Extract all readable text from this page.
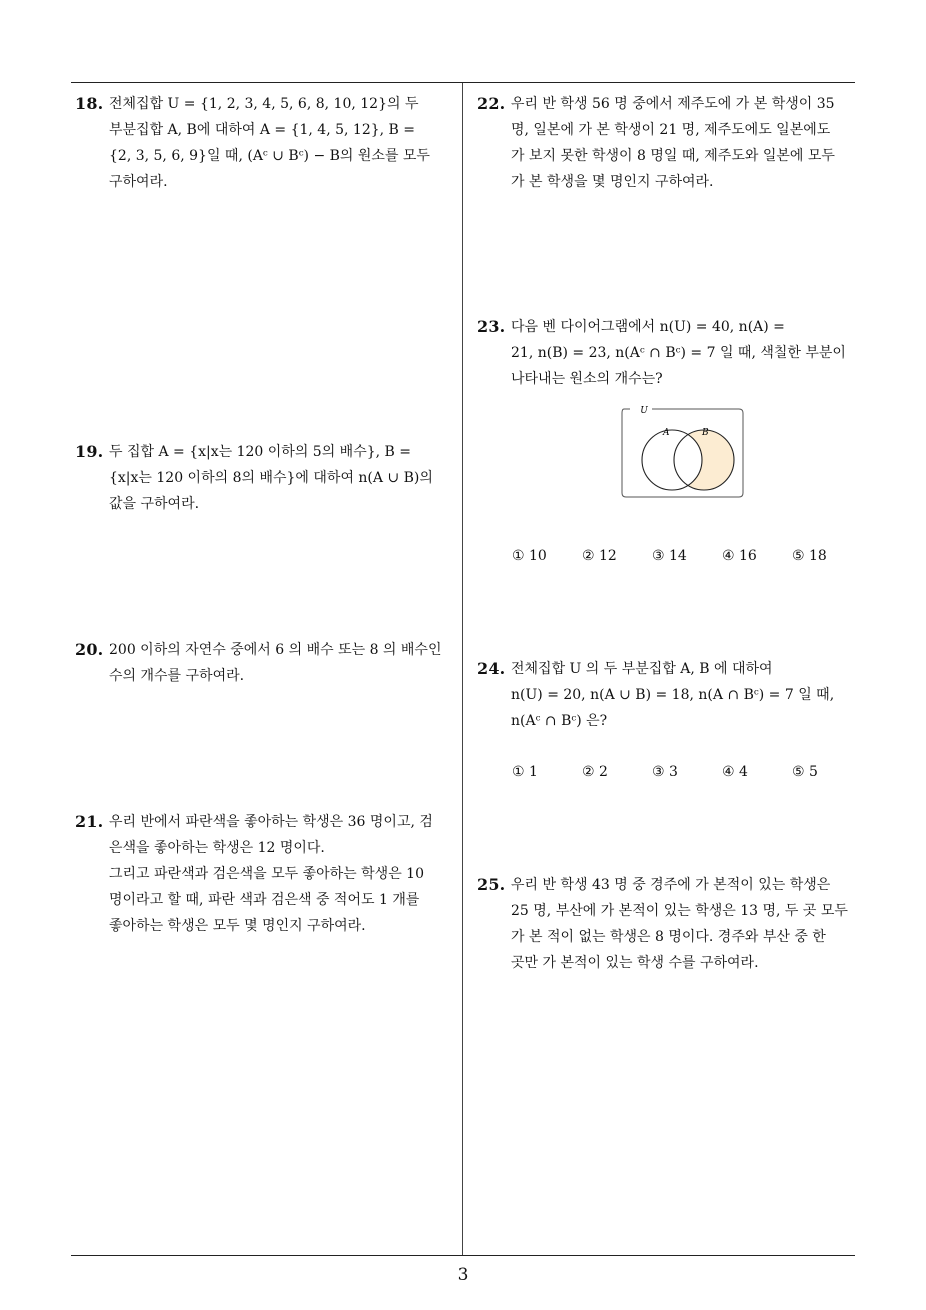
18. 전체집합 U = {1, 2, 3, 4, 5, 6, 8, 10, 12}의 두

부분집합 A, B에 대하여 A = {1, 4, 5, 12}, B =

{2, 3, 5, 6, 9}일 때, (Aᶜ ∪ Bᶜ) − B의 원소를 모두

구하여라.

19. 두 집합 A = {x|x는 120 이하의 5의 배수}, B =

{x|x는 120 이하의 8의 배수}에 대하여 n(A ∪ B)의

값을 구하여라.

20. 200 이하의 자연수 중에서 6 의 배수 또는 8 의 배수인

수의 개수를 구하여라.

21. 우리 반에서 파란색을 좋아하는 학생은 36 명이고, 검

은색을 좋아하는 학생은 12 명이다.

그리고 파란색과 검은색을 모두 좋아하는 학생은 10

명이라고 할 때, 파란 색과 검은색 중 적어도 1 개를

좋아하는 학생은 모두 몇 명인지 구하여라.

22. 우리 반 학생 56 명 중에서 제주도에 가 본 학생이 35

명, 일본에 가 본 학생이 21 명, 제주도에도 일본에도

가 보지 못한 학생이 8 명일 때, 제주도와 일본에 모두

가 본 학생을 몇 명인지 구하여라.

23. 다음 벤 다이어그램에서 n(U) = 40, n(A) =

21, n(B) = 23, n(Aᶜ ∩ Bᶜ) = 7 일 때, 색칠한 부분이

나타내는 원소의 개수는?

U
A	B
① 10	② 12	③ 14	④ 16	⑤ 18
24. 전체집합 U 의 두 부분집합 A, B 에 대하여

n(U) = 20, n(A ∪ B) = 18, n(A ∩ Bᶜ) = 7 일 때,

n(Aᶜ ∩ Bᶜ) 은?

① 1	② 2	③ 3	④ 4	⑤ 5
25. 우리 반 학생 43 명 중 경주에 가 본적이 있는 학생은

25 명, 부산에 가 본적이 있는 학생은 13 명, 두 곳 모두

가 본 적이 없는 학생은 8 명이다. 경주와 부산 중 한

곳만 가 본적이 있는 학생 수를 구하여라.

3
